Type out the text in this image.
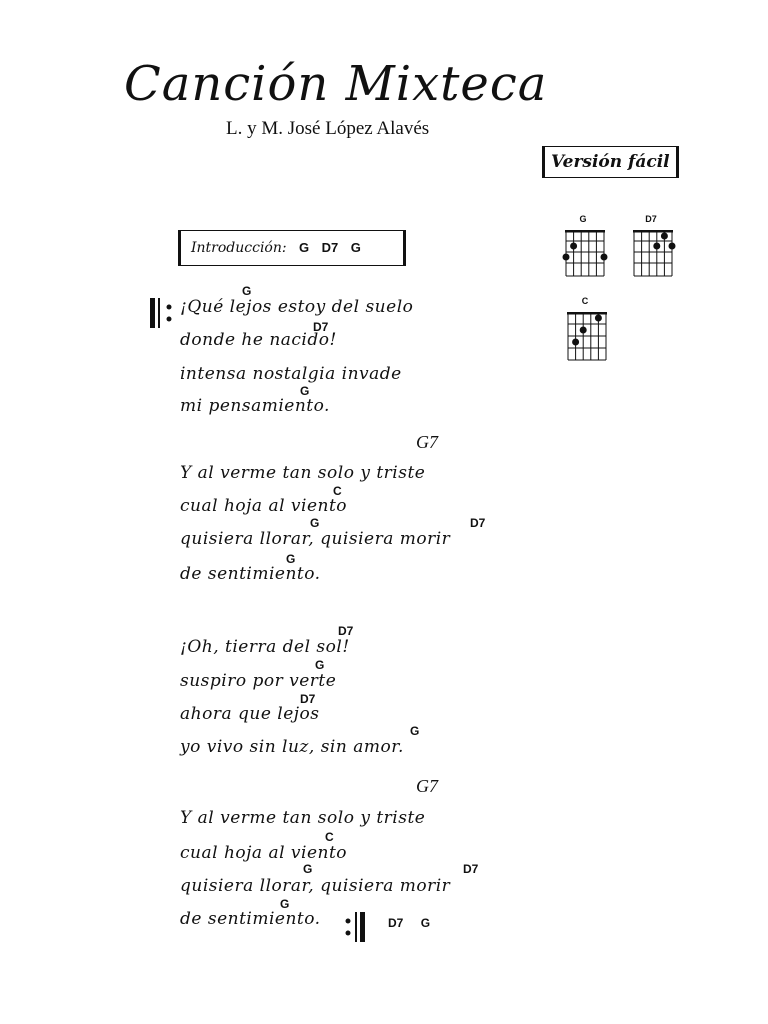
Canción Mixteca
L. y M. José López Alavés
Versión fácil
G	D7
C
Introducción: G D7 G
G
¡Qué lejos estoy del suelo
D7
donde he nacido!
intensa nostalgia invade
G
mi pensamiento.
G7
Y al verme tan solo y triste
C
cual hoja al viento
G	D7
quisiera llorar, quisiera morir
G
de sentimiento.
D7
¡Oh, tierra del sol!
G
suspiro por verte
D7
ahora que lejos
G
yo vivo sin luz, sin amor.
G7
Y al verme tan solo y triste
C
cual hoja al viento
G	D7
quisiera llorar, quisiera morir
G
de sentimiento.	D7 G
